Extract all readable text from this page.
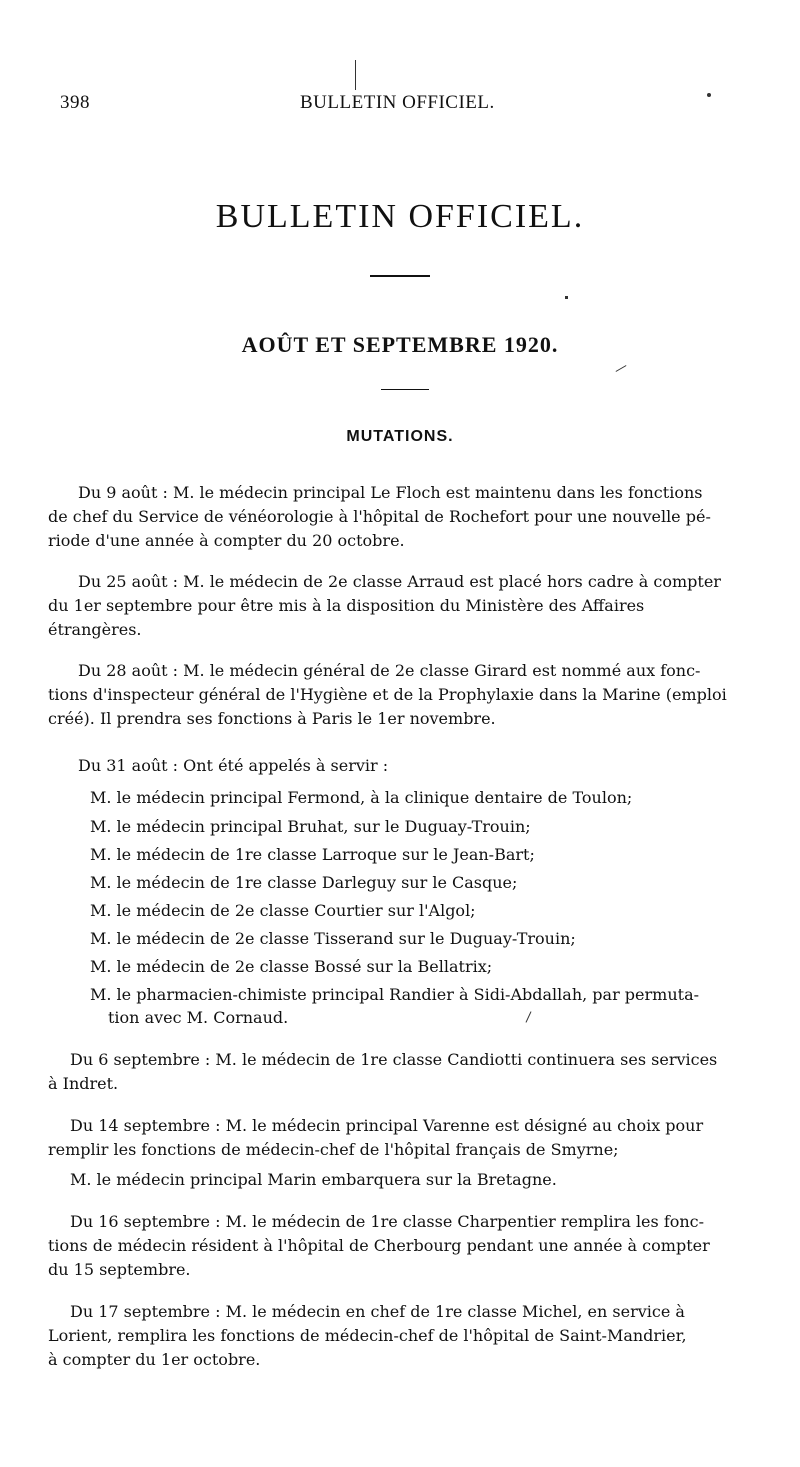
398	BULLETIN OFFICIEL.
BULLETIN OFFICIEL.
AOÛT ET SEPTEMBRE 1920.
MUTATIONS.
Du 9 août : M. le médecin principal Le Floch est maintenu dans les fonctions
de chef du Service de vénéorologie à l'hôpital de Rochefort pour une nouvelle pé-
riode d'une année à compter du 20 octobre.
Du 25 août : M. le médecin de 2e classe Arraud est placé hors cadre à compter
du 1er septembre pour être mis à la disposition du Ministère des Affaires
étrangères.
Du 28 août : M. le médecin général de 2e classe Girard est nommé aux fonc-
tions d'inspecteur général de l'Hygiène et de la Prophylaxie dans la Marine (emploi
créé). Il prendra ses fonctions à Paris le 1er novembre.
Du 31 août : Ont été appelés à servir :
M. le médecin principal Fermond, à la clinique dentaire de Toulon;
M. le médecin principal Bruhat, sur le Duguay-Trouin;
M. le médecin de 1re classe Larroque sur le Jean-Bart;
M. le médecin de 1re classe Darleguy sur le Casque;
M. le médecin de 2e classe Courtier sur l'Algol;
M. le médecin de 2e classe Tisserand sur le Duguay-Trouin;
M. le médecin de 2e classe Bossé sur la Bellatrix;
M. le pharmacien-chimiste principal Randier à Sidi-Abdallah, par permuta-
tion avec M. Cornaud.
Du 6 septembre : M. le médecin de 1re classe Candiotti continuera ses services
à Indret.
Du 14 septembre : M. le médecin principal Varenne est désigné au choix pour
remplir les fonctions de médecin-chef de l'hôpital français de Smyrne;
M. le médecin principal Marin embarquera sur la Bretagne.
Du 16 septembre : M. le médecin de 1re classe Charpentier remplira les fonc-
tions de médecin résident à l'hôpital de Cherbourg pendant une année à compter
du 15 septembre.
Du 17 septembre : M. le médecin en chef de 1re classe Michel, en service à
Lorient, remplira les fonctions de médecin-chef de l'hôpital de Saint-Mandrier,
à compter du 1er octobre.
